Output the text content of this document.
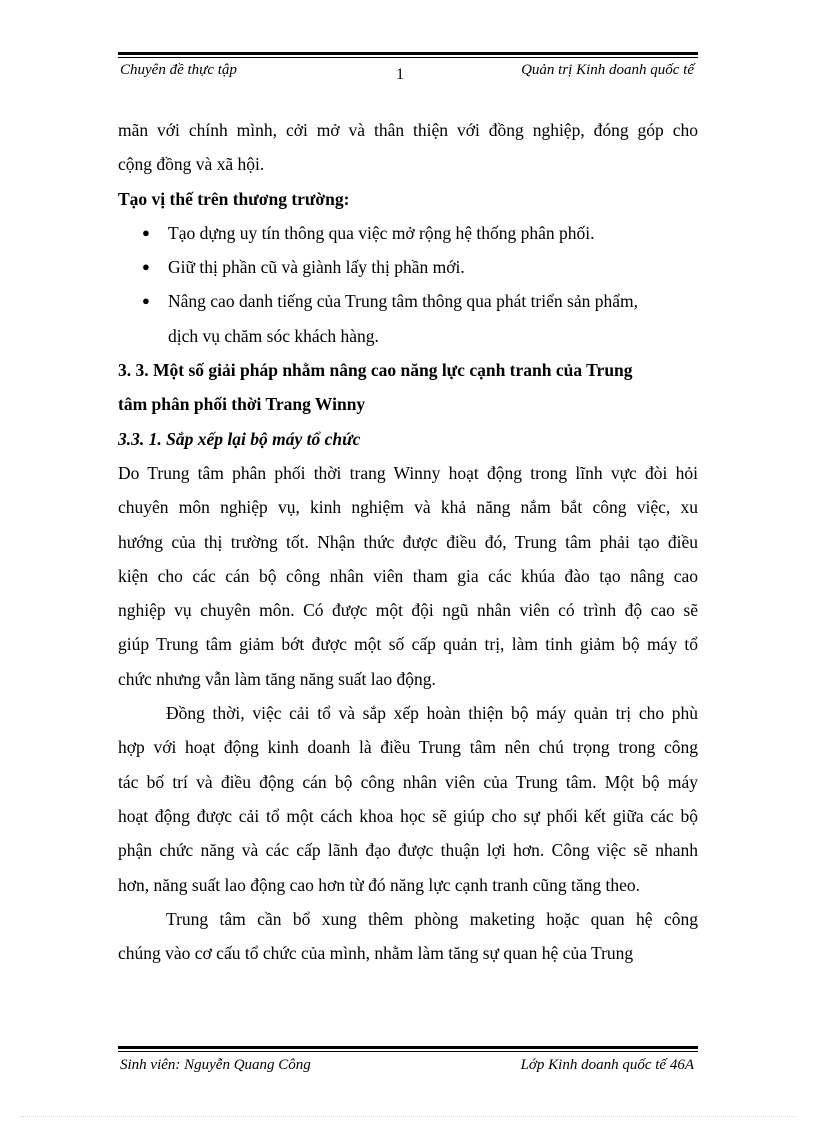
Chuyên đề thực tập	1	Quản trị Kinh doanh quốc tế
mãn với chính mình, cởi mở và thân thiện với đồng nghiệp, đóng góp cho
cộng đồng và xã hội.
Tạo vị thế trên thương trường:
● Tạo dựng uy tín thông qua việc mở rộng hệ thống phân phối.
● Giữ thị phần cũ và giành lấy thị phần mới.
● Nâng cao danh tiếng của Trung tâm thông qua phát triển sản phẩm,
dịch vụ chăm sóc khách hàng.
3. 3. Một số giải pháp nhằm nâng cao năng lực cạnh tranh của Trung
tâm phân phối thời Trang Winny
3.3. 1. Sắp xếp lại bộ máy tổ chức
Do Trung tâm phân phối thời trang Winny hoạt động trong lĩnh vực đòi hỏi
chuyên môn nghiệp vụ, kinh nghiệm và khả năng nắm bắt công việc, xu
hướng của thị trường tốt. Nhận thức được điều đó, Trung tâm phải tạo điều
kiện cho các cán bộ công nhân viên tham gia các khúa đào tạo nâng cao
nghiệp vụ chuyên môn. Có được một đội ngũ nhân viên có trình độ cao sẽ
giúp Trung tâm giảm bớt được một số cấp quản trị, làm tinh giảm bộ máy tổ
chức nhưng vẫn làm tăng năng suất lao động.
Đồng thời, việc cải tổ và sắp xếp hoàn thiện bộ máy quản trị cho phù
hợp với hoạt động kinh doanh là điều Trung tâm nên chú trọng trong công
tác bố trí và điều động cán bộ công nhân viên của Trung tâm. Một bộ máy
hoạt động được cải tổ một cách khoa học sẽ giúp cho sự phối kết giữa các bộ
phận chức năng và các cấp lãnh đạo được thuận lợi hơn. Công việc sẽ nhanh
hơn, năng suất lao động cao hơn từ đó năng lực cạnh tranh cũng tăng theo.
Trung tâm cần bổ xung thêm phòng maketing hoặc quan hệ công
chúng vào cơ cấu tổ chức của mình, nhằm làm tăng sự quan hệ của Trung
Sinh viên: Nguyễn Quang Công	Lớp Kinh doanh quốc tế 46A
